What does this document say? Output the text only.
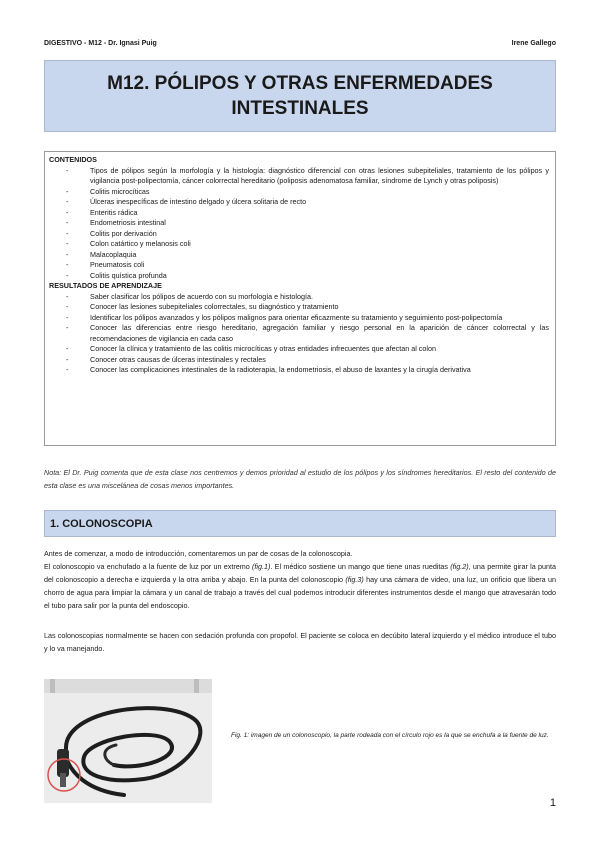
DIGESTIVO - M12 - Dr. Ignasi Puig	Irene Gallego
M12. PÓLIPOS Y OTRAS ENFERMEDADES
INTESTINALES
CONTENIDOS
- Tipos de pólipos según la morfología y la histología: diagnóstico diferencial con otras lesiones subepiteliales, tratamiento de los pólipos y vigilancia post-polipectomía, cáncer colorrectal hereditario (poliposis adenomatosa familiar, síndrome de Lynch y otras poliposis)
- Colitis microcíticas
- Úlceras inespecíficas de intestino delgado y úlcera solitaria de recto
- Enteritis rádica
- Endometriosis intestinal
- Colitis por derivación
- Colon catártico y melanosis coli
- Malacoplaquia
- Pneumatosis coli
- Colitis quística profunda
RESULTADOS DE APRENDIZAJE
- Saber clasificar los pólipos de acuerdo con su morfología e histología.
- Conocer las lesiones subepiteliales colorrectales, su diagnóstico y tratamiento
- Identificar los pólipos avanzados y los pólipos malignos para orientar eficazmente su tratamiento y seguimiento post-polipectomía
- Conocer las diferencias entre riesgo hereditario, agregación familiar y riesgo personal en la aparición de cáncer colorrectal y las recomendaciones de vigilancia en cada caso
- Conocer la clínica y tratamiento de las colitis microcíticas y otras entidades infrecuentes que afectan al colon
- Conocer otras causas de úlceras intestinales y rectales
- Conocer las complicaciones intestinales de la radioterapia, la endometriosis, el abuso de laxantes y la cirugía derivativa
Nota: El Dr. Puig comenta que de esta clase nos centremos y demos prioridad al estudio de los pólipos y los síndromes hereditarios. El resto del contenido de esta clase es una miscelánea de cosas menos importantes.
1. COLONOSCOPIA
Antes de comenzar, a modo de introducción, comentaremos un par de cosas de la colonoscopia.
El colonoscopio va enchufado a la fuente de luz por un extremo (fig.1). El médico sostiene un mango que tiene unas rueditas (fig.2), una permite girar la punta del colonoscopio a derecha e izquierda y la otra arriba y abajo. En la punta del colonoscopio (fig.3) hay una cámara de video, una luz, un orificio que libera un chorro de agua para limpiar la cámara y un canal de trabajo a través del cual podemos introducir diferentes instrumentos desde el mango que atravesarán todo el tubo para salir por la punta del endoscopio.
Las colonoscopias normalmente se hacen con sedación profunda con propofol. El paciente se coloca en decúbito lateral izquierdo y el médico introduce el tubo y lo va manejando.
Fig. 1: imagen de un colonoscopio, la parte rodeada con el círculo rojo es la que se enchufa a la fuente de luz.
1
